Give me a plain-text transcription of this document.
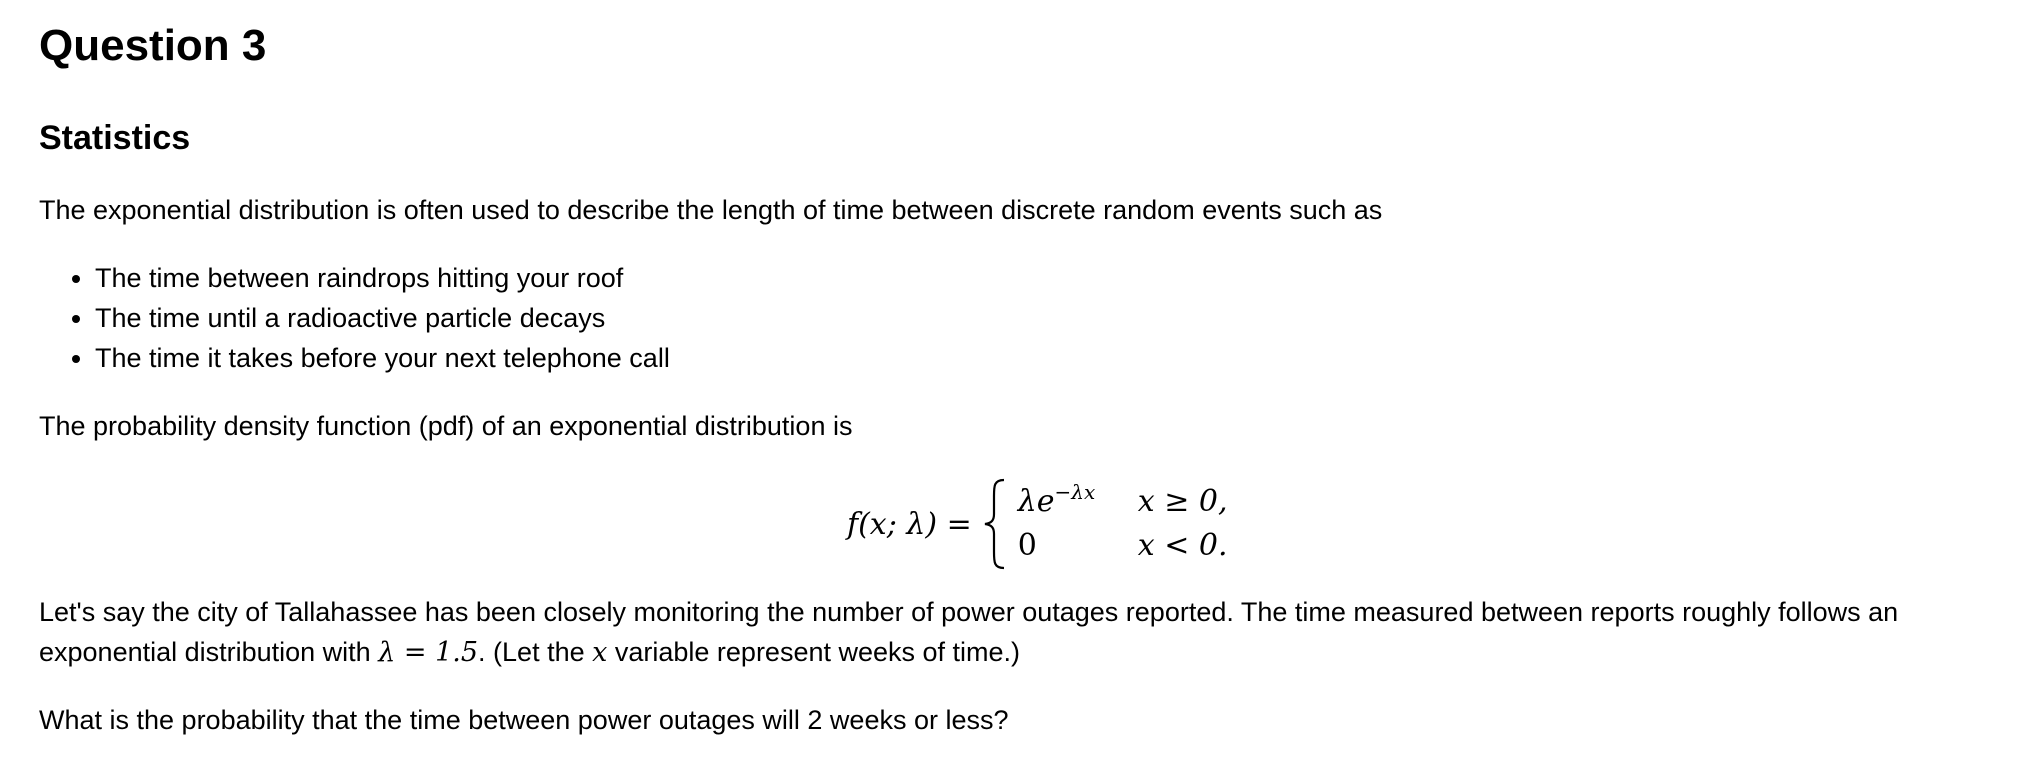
Question 3
Statistics

The exponential distribution is often used to describe the length of time between discrete random events such as

• The time between raindrops hitting your roof
• The time until a radioactive particle decays
• The time it takes before your next telephone call

The probability density function (pdf) of an exponential distribution is

f(x; λ) =
$\lambda e^{-\lambda x}$	x ≥ 0,
0	x < 0.

Let's say the city of Tallahassee has been closely monitoring the number of power outages reported. The time measured between reports roughly follows an exponential distribution with λ = 1.5. (Let the x variable represent weeks of time.)

What is the probability that the time between power outages will 2 weeks or less?
